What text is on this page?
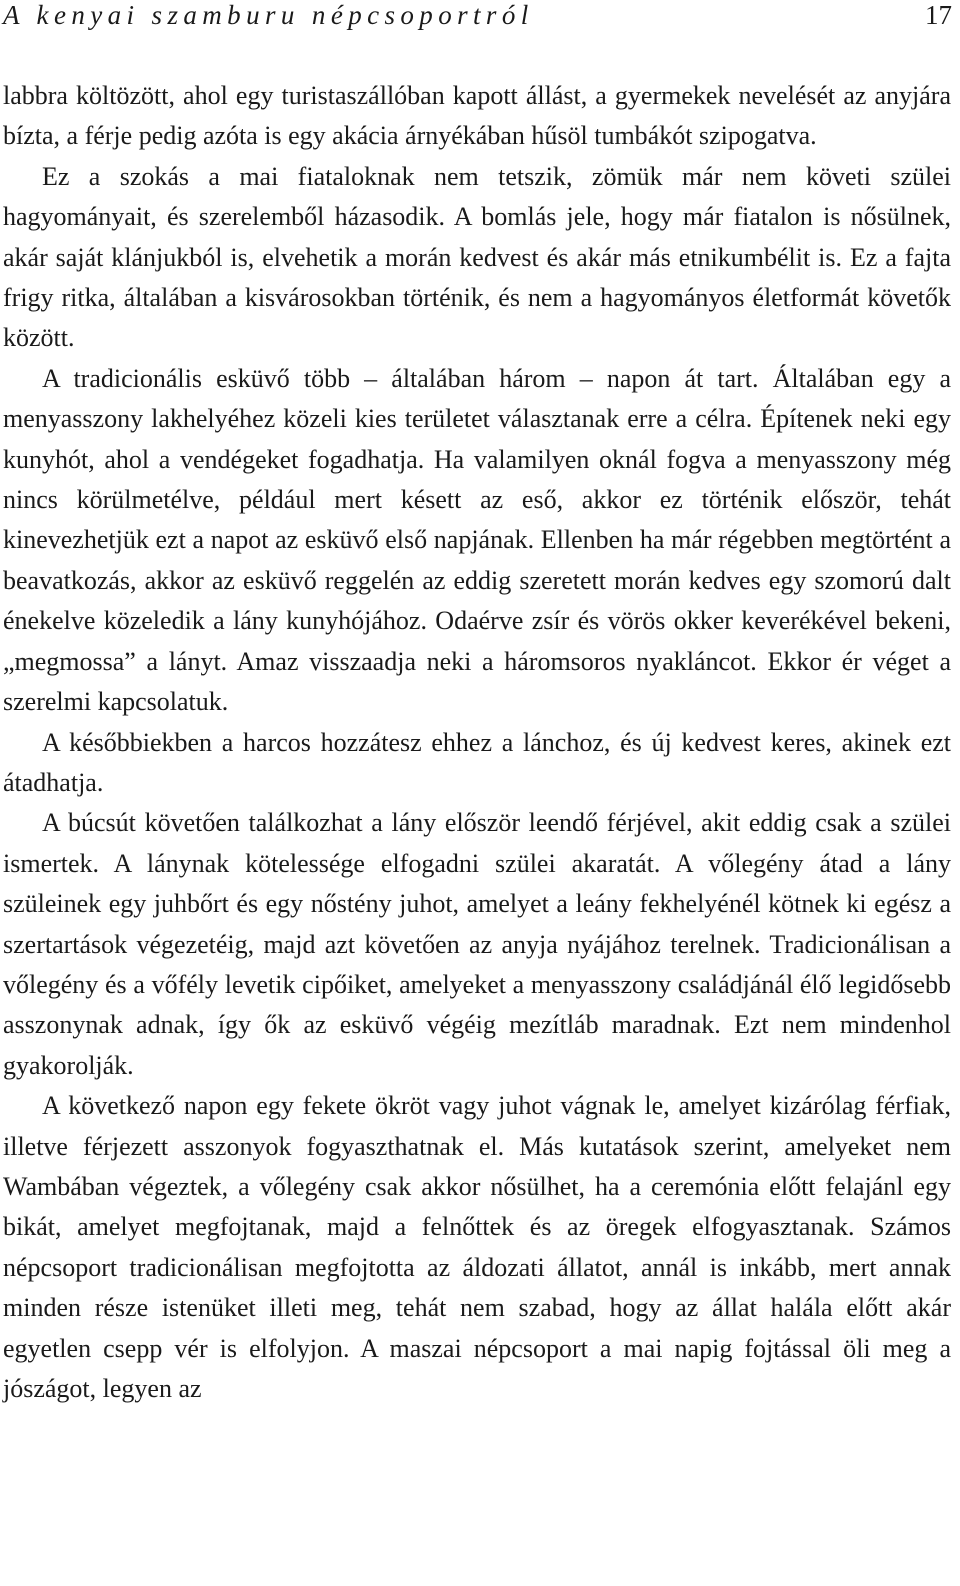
A kenyai szamburu népcsoportról	17

labbra költözött, ahol egy turistaszállóban kapott állást, a gyermekek nevelését az anyjára bízta, a férje pedig azóta is egy akácia árnyékában hűsöl tumbákót szipogatva.

Ez a szokás a mai fiataloknak nem tetszik, zömük már nem követi szülei hagyományait, és szerelemből házasodik. A bomlás jele, hogy már fiatalon is nősülnek, akár saját klánjukból is, elvehetik a morán kedvest és akár más etnikumbélit is. Ez a fajta frigy ritka, általában a kisvárosokban történik, és nem a hagyományos életformát követők között.

A tradicionális esküvő több – általában három – napon át tart. Általában egy a menyasszony lakhelyéhez közeli kies területet választanak erre a célra. Építenek neki egy kunyhót, ahol a vendégeket fogadhatja. Ha valamilyen oknál fogva a menyasszony még nincs körülmetélve, például mert késett az eső, akkor ez történik először, tehát kinevezhetjük ezt a napot az esküvő első napjának. Ellenben ha már régebben megtörtént a beavatkozás, akkor az esküvő reggelén az eddig szeretett morán kedves egy szomorú dalt énekelve közeledik a lány kunyhójához. Odaérve zsír és vörös okker keverékével bekeni, „megmossa” a lányt. Amaz visszaadja neki a háromsoros nyakláncot. Ekkor ér véget a szerelmi kapcsolatuk.

A későbbiekben a harcos hozzátesz ehhez a lánchoz, és új kedvest keres, akinek ezt átadhatja.

A búcsút követően találkozhat a lány először leendő férjével, akit eddig csak a szülei ismertek. A lánynak kötelessége elfogadni szülei akaratát. A vőlegény átad a lány szüleinek egy juhbőrt és egy nőstény juhot, amelyet a leány fekhelyénél kötnek ki egész a szertartások végezetéig, majd azt követően az anyja nyájához terelnek. Tradicionálisan a vőlegény és a vőfély levetik cipőiket, amelyeket a menyasszony családjánál élő legidősebb asszonynak adnak, így ők az esküvő végéig mezítláb maradnak. Ezt nem mindenhol gyakorolják.

A következő napon egy fekete ökröt vagy juhot vágnak le, amelyet kizárólag férfiak, illetve férjezett asszonyok fogyaszthatnak el. Más kutatások szerint, amelyeket nem Wambában végeztek, a vőlegény csak akkor nősülhet, ha a ceremónia előtt felajánl egy bikát, amelyet megfojtanak, majd a felnőttek és az öregek elfogyasztanak. Számos népcsoport tradicionálisan megfojtotta az áldozati állatot, annál is inkább, mert annak minden része istenüket illeti meg, tehát nem szabad, hogy az állat halála előtt akár egyetlen csepp vér is elfolyjon. A maszai népcsoport a mai napig fojtással öli meg a jószágot, legyen az
